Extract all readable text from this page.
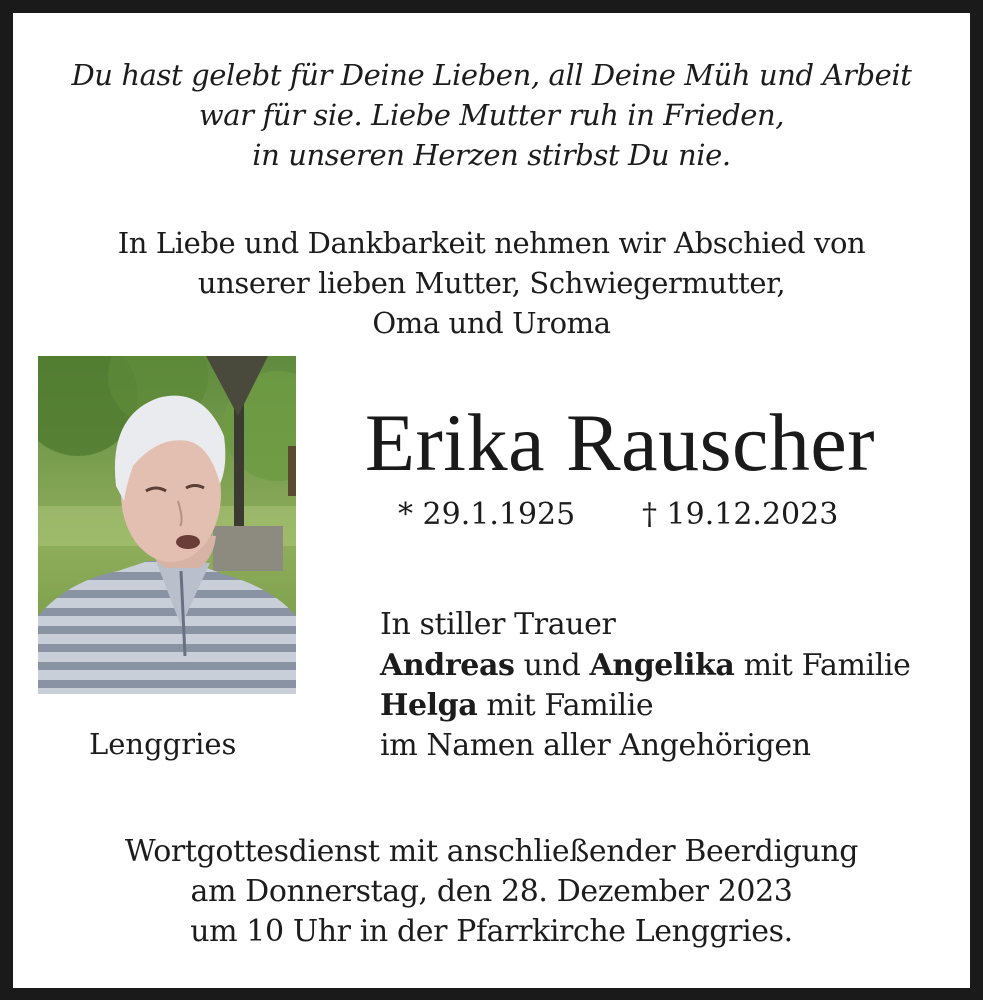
Du hast gelebt für Deine Lieben, all Deine Müh und Arbeit
war für sie. Liebe Mutter ruh in Frieden,
in unseren Herzen stirbst Du nie.
In Liebe und Dankbarkeit nehmen wir Abschied von
unserer lieben Mutter, Schwiegermutter,
Oma und Uroma
Erika Rauscher
* 29.1.1925 † 19.12.2023
In stiller Trauer
Andreas und Angelika mit Familie
Helga mit Familie
im Namen aller Angehörigen
Lenggries
Wortgottesdienst mit anschließender Beerdigung
am Donnerstag, den 28. Dezember 2023
um 10 Uhr in der Pfarrkirche Lenggries.
